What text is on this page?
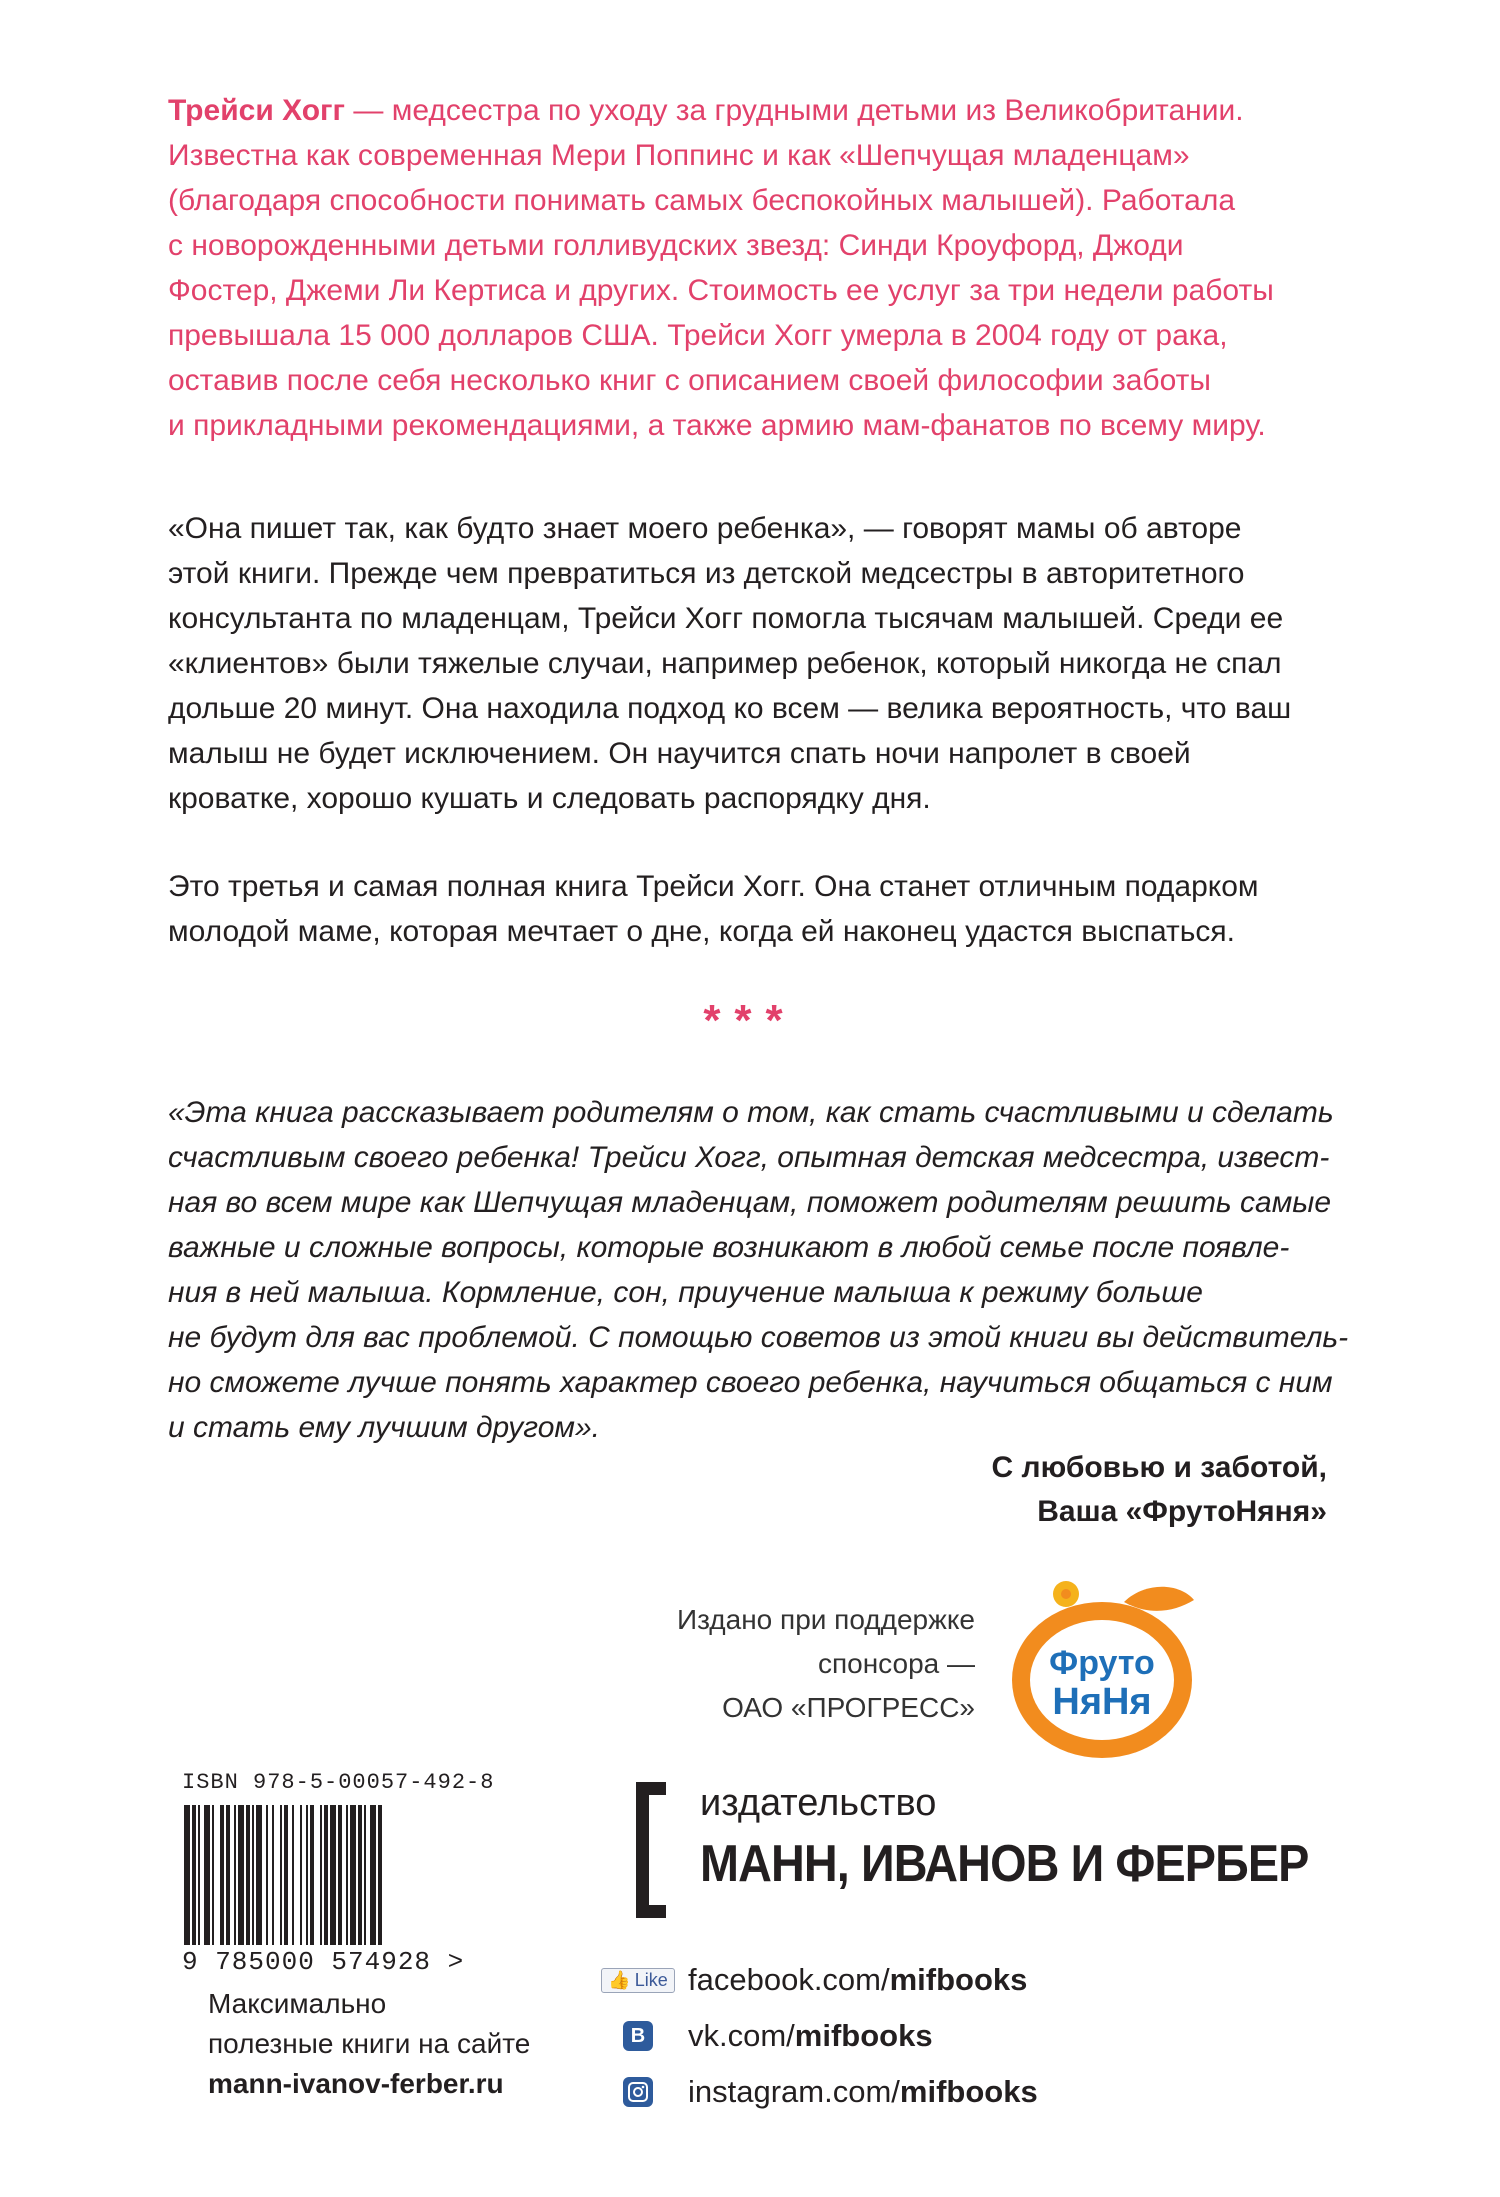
Трейси Хогг — медсестра по уходу за грудными детьми из Великобритании.
Известна как современная Мери Поппинс и как «Шепчущая младенцам»
(благодаря способности понимать самых беспокойных малышей). Работала
с новорожденными детьми голливудских звезд: Синди Кроуфорд, Джоди
Фостер, Джеми Ли Кертиса и других. Стоимость ее услуг за три недели работы
превышала 15 000 долларов США. Трейси Хогг умерла в 2004 году от рака,
оставив после себя несколько книг с описанием своей философии заботы
и прикладными рекомендациями, а также армию мам-фанатов по всему миру.
«Она пишет так, как будто знает моего ребенка», — говорят мамы об авторе
этой книги. Прежде чем превратиться из детской медсестры в авторитетного
консультанта по младенцам, Трейси Хогг помогла тысячам малышей. Среди ее
«клиентов» были тяжелые случаи, например ребенок, который никогда не спал
дольше 20 минут. Она находила подход ко всем — велика вероятность, что ваш
малыш не будет исключением. Он научится спать ночи напролет в своей
кроватке, хорошо кушать и следовать распорядку дня.
Это третья и самая полная книга Трейси Хогг. Она станет отличным подарком
молодой маме, которая мечтает о дне, когда ей наконец удастся выспаться.
***
«Эта книга рассказывает родителям о том, как стать счастливыми и сделать
счастливым своего ребенка! Трейси Хогг, опытная детская медсестра, извест-
ная во всем мире как Шепчущая младенцам, поможет родителям решить самые
важные и сложные вопросы, которые возникают в любой семье после появле-
ния в ней малыша. Кормление, сон, приучение малыша к режиму больше
не будут для вас проблемой. С помощью советов из этой книги вы действитель-
но сможете лучше понять характер своего ребенка, научиться общаться с ним
и стать ему лучшим другом».
С любовью и заботой,
Ваша «ФрутоНяня»
Издано при поддержке
спонсора —
ОАО «ПРОГРЕСС»
Фруто
НяНя
ISBN 978-5-00057-492-8
9 785000 574928 >
Максимально
полезные книги на сайте
mann-ivanov-ferber.ru
издательство
МАНН, ИВАНОВ И ФЕРБЕР
👍 Like facebook.com/mifbooks
B vk.com/mifbooks
instagram.com/mifbooks
